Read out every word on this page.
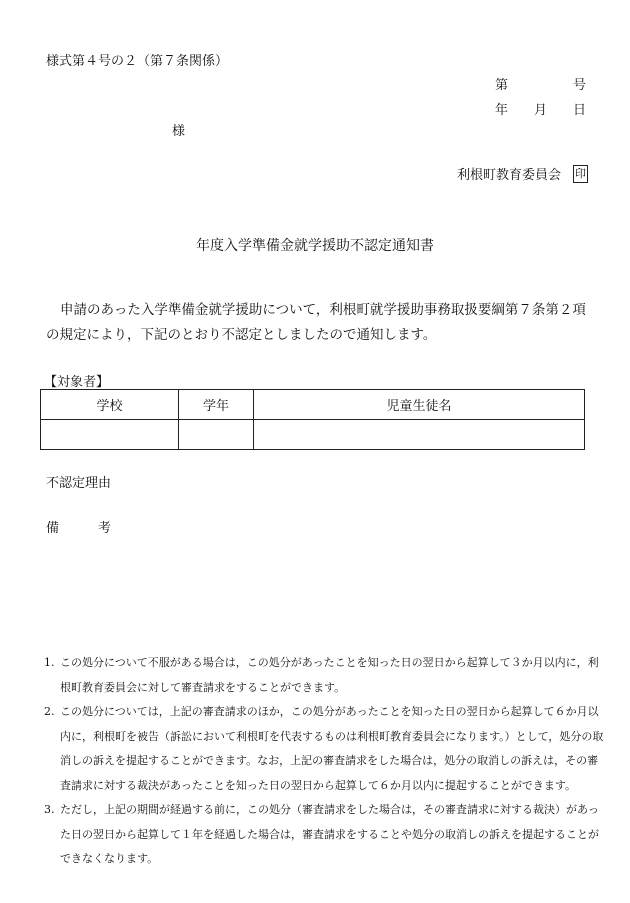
様式第４号の２（第７条関係）
第　　　　　号
年　　月　　日
様
利根町教育委員会 印
年度入学準備金就学援助不認定通知書
申請のあった入学準備金就学援助について，利根町就学援助事務取扱要綱第７条第２項の規定により，下記のとおり不認定としましたので通知します。
【対象者】
学校	学年	児童生徒名

不認定理由
備　　　考
1. この処分について不服がある場合は，この処分があったことを知った日の翌日から起算して３か月以内に，利根町教育委員会に対して審査請求をすることができます。
2. この処分については，上記の審査請求のほか，この処分があったことを知った日の翌日から起算して６か月以内に，利根町を被告（訴訟において利根町を代表するものは利根町教育委員会になります。）として，処分の取消しの訴えを提起することができます。なお，上記の審査請求をした場合は，処分の取消しの訴えは，その審査請求に対する裁決があったことを知った日の翌日から起算して６か月以内に提起することができます。
3. ただし，上記の期間が経過する前に，この処分（審査請求をした場合は，その審査請求に対する裁決）があった日の翌日から起算して１年を経過した場合は，審査請求をすることや処分の取消しの訴えを提起することができなくなります。
